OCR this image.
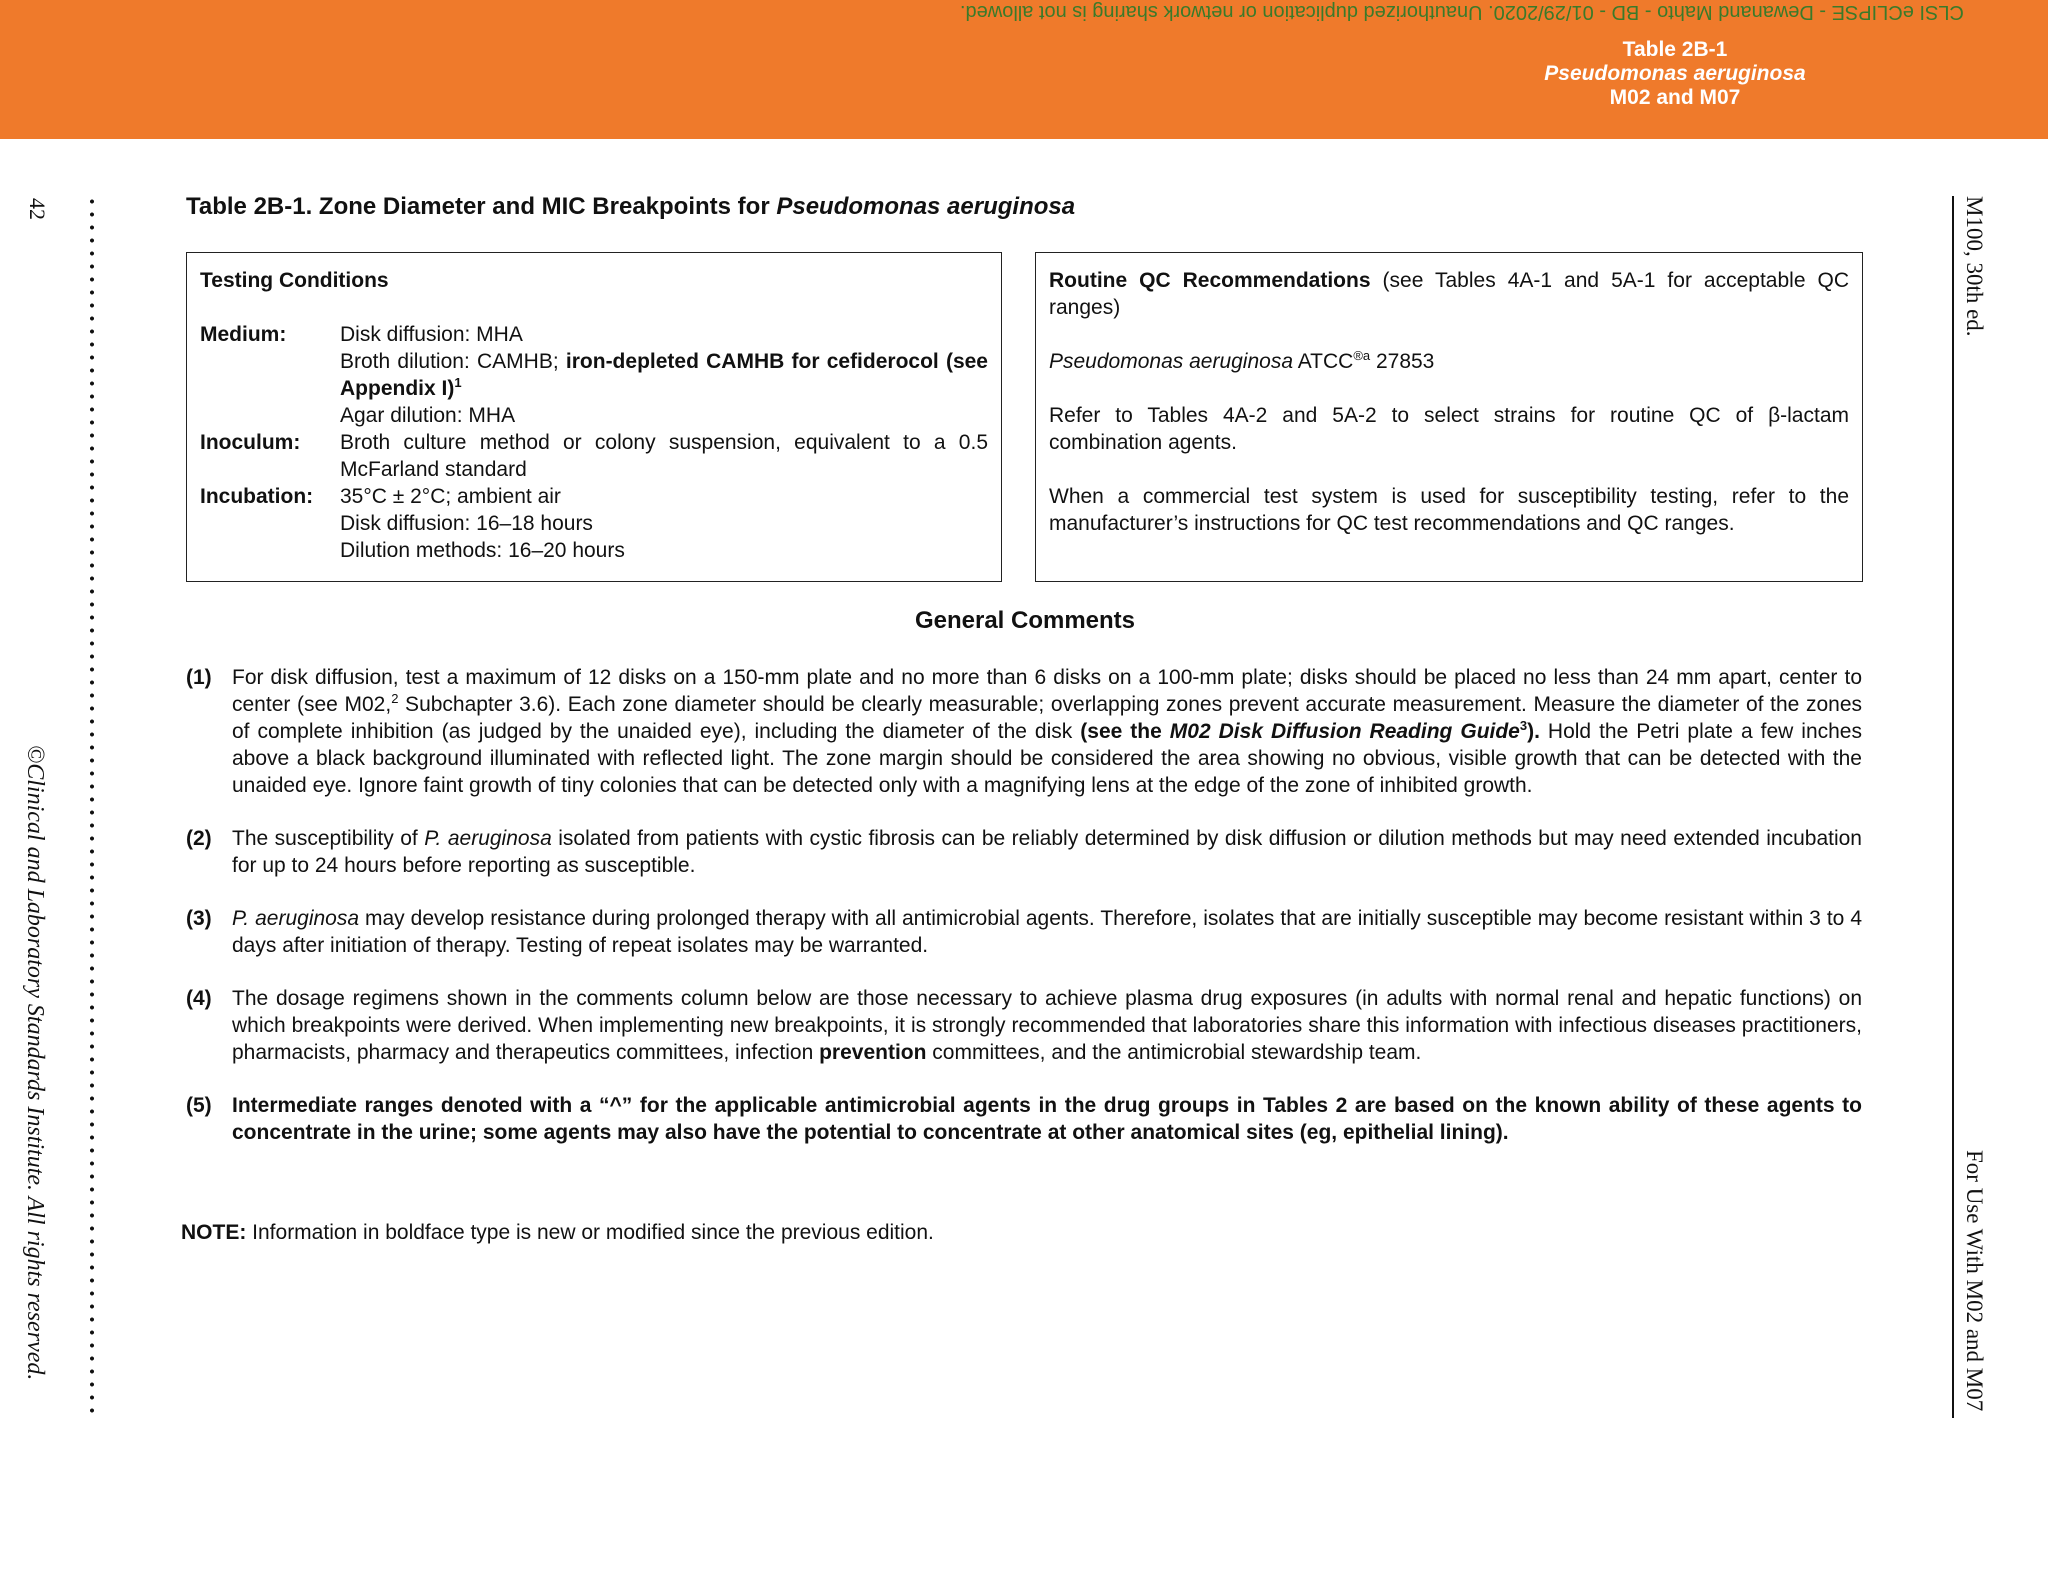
CLSI eCLIPSE - Dewanand Mahto - BD - 01/29/2020. Unauthorized duplication or network sharing is not allowed.
Table 2B-1
Pseudomonas aeruginosa
M02 and M07
42
©Clinical and Laboratory Standards Institute. All rights reserved.
M100, 30th ed.
For Use With M02 and M07
Table 2B-1. Zone Diameter and MIC Breakpoints for Pseudomonas aeruginosa
Testing Conditions
Medium:	Disk diffusion: MHA
Broth dilution: CAMHB; iron-depleted CAMHB for cefiderocol (see Appendix I)$^1$
Agar dilution: MHA
Inoculum:	Broth culture method or colony suspension, equivalent to a 0.5 McFarland standard
Incubation:	35°C ± 2°C; ambient air
Disk diffusion: 16–18 hours
Dilution methods: 16–20 hours

Routine QC Recommendations (see Tables 4A-1 and 5A-1 for acceptable QC ranges)

Pseudomonas aeruginosa $ATCC^{®a}$ 27853

Refer to Tables 4A-2 and 5A-2 to select strains for routine QC of β-lactam combination agents.

When a commercial test system is used for susceptibility testing, refer to the manufacturer’s instructions for QC test recommendations and QC ranges.

General Comments
(1) For disk diffusion, test a maximum of 12 disks on a 150-mm plate and no more than 6 disks on a 100-mm plate; disks should be placed no less than 24 mm apart, center to center (see M02,$^2$ Subchapter 3.6). Each zone diameter should be clearly measurable; overlapping zones prevent accurate measurement. Measure the diameter of the zones of complete inhibition (as judged by the unaided eye), including the diameter of the disk (see the M02 Disk Diffusion Reading Guide$^3$). Hold the Petri plate a few inches above a black background illuminated with reflected light. The zone margin should be considered the area showing no obvious, visible growth that can be detected with the unaided eye. Ignore faint growth of tiny colonies that can be detected only with a magnifying lens at the edge of the zone of inhibited growth.
(2) The susceptibility of P. aeruginosa isolated from patients with cystic fibrosis can be reliably determined by disk diffusion or dilution methods but may need extended incubation for up to 24 hours before reporting as susceptible.
(3) P. aeruginosa may develop resistance during prolonged therapy with all antimicrobial agents. Therefore, isolates that are initially susceptible may become resistant within 3 to 4 days after initiation of therapy. Testing of repeat isolates may be warranted.
(4) The dosage regimens shown in the comments column below are those necessary to achieve plasma drug exposures (in adults with normal renal and hepatic functions) on which breakpoints were derived. When implementing new breakpoints, it is strongly recommended that laboratories share this information with infectious diseases practitioners, pharmacists, pharmacy and therapeutics committees, infection prevention committees, and the antimicrobial stewardship team.
(5) Intermediate ranges denoted with a “^” for the applicable antimicrobial agents in the drug groups in Tables 2 are based on the known ability of these agents to concentrate in the urine; some agents may also have the potential to concentrate at other anatomical sites (eg, epithelial lining).
NOTE: Information in boldface type is new or modified since the previous edition.
